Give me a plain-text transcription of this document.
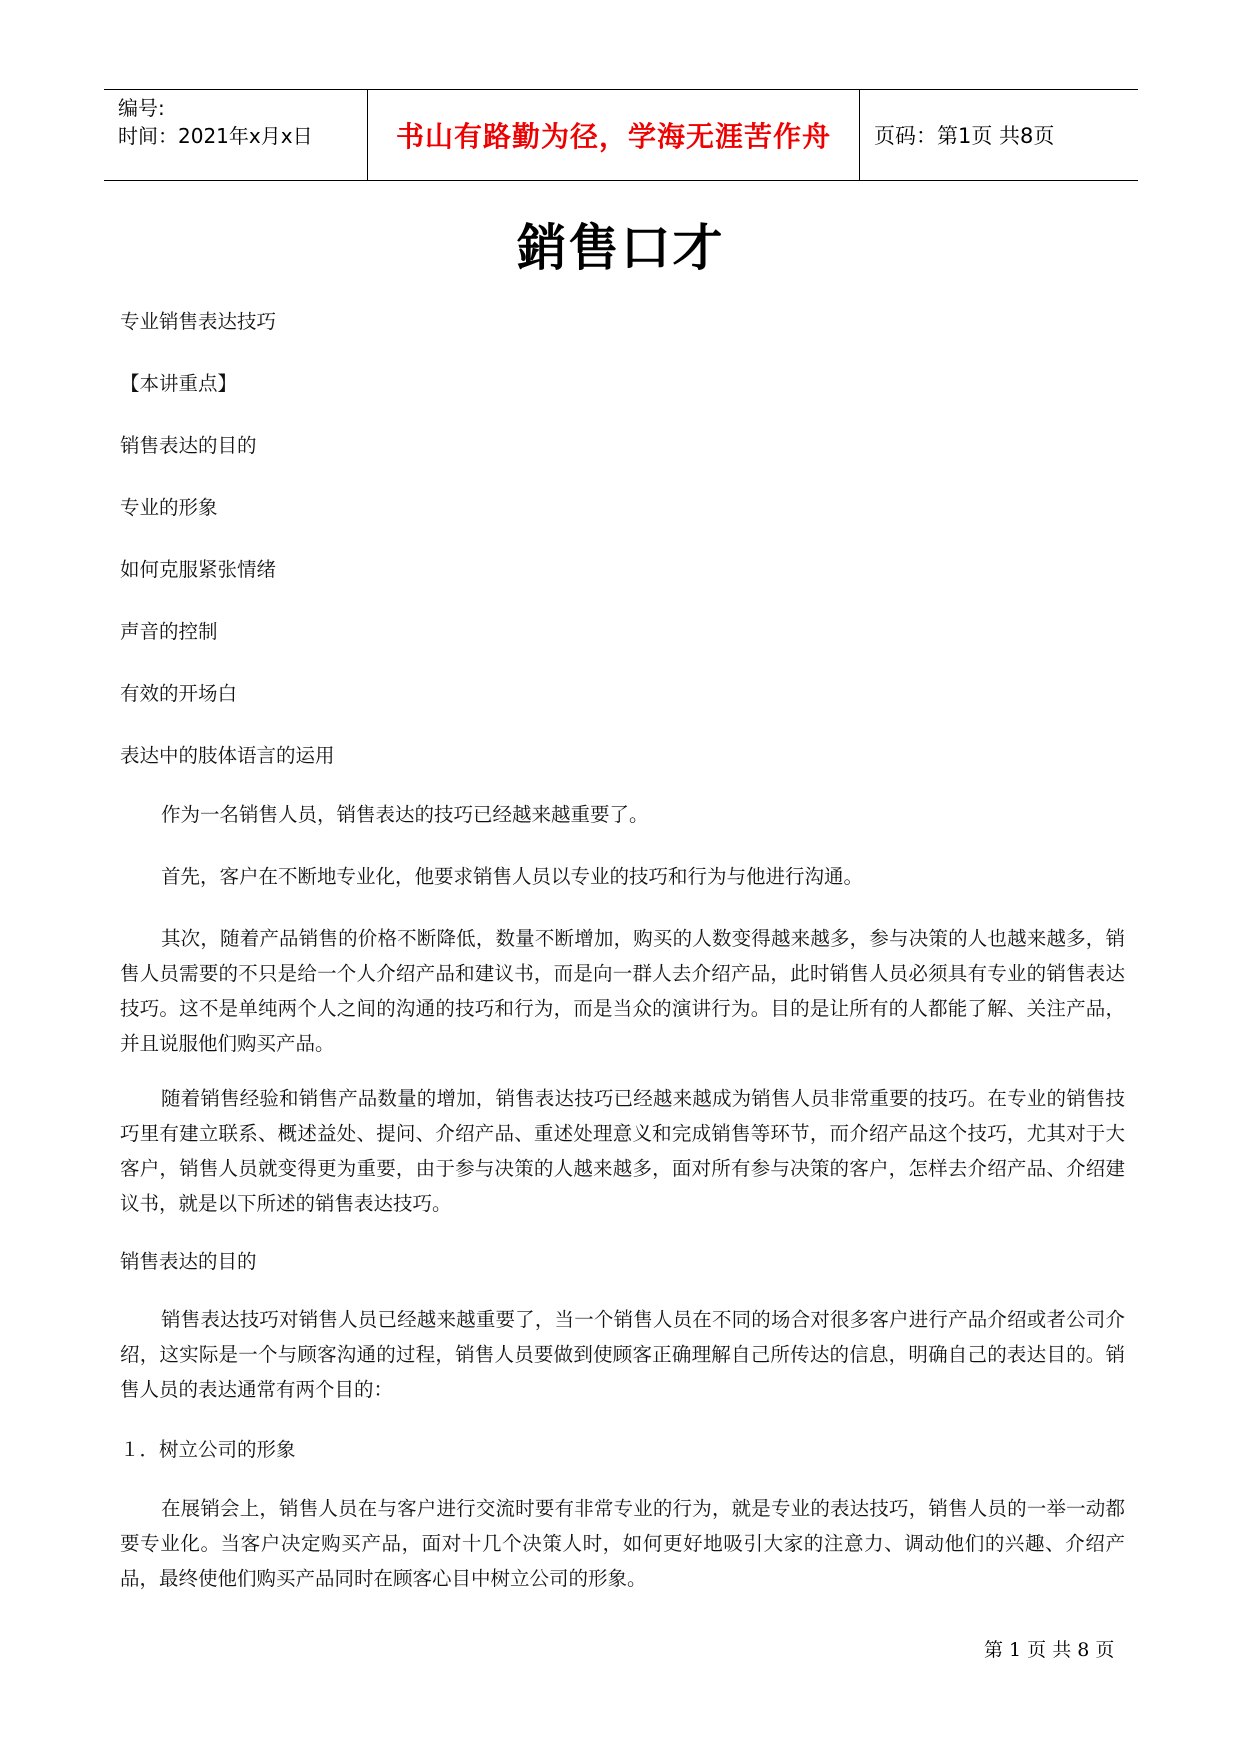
编号:
时间：2021年x月x日	书山有路勤为径，学海无涯苦作舟 页码：第1页 共8页
銷售口才
专业销售表达技巧
【本讲重点】
销售表达的目的
专业的形象
如何克服紧张情绪
声音的控制
有效的开场白
表达中的肢体语言的运用
作为一名销售人员，销售表达的技巧已经越来越重要了。
首先，客户在不断地专业化，他要求销售人员以专业的技巧和行为与他进行沟通。
其次，随着产品销售的价格不断降低，数量不断增加，购买的人数变得越来越多，参与决策的人也越来越多，销售人员需要的不只是给一个人介绍产品和建议书，而是向一群人去介绍产品，此时销售人员必须具有专业的销售表达技巧。这不是单纯两个人之间的沟通的技巧和行为，而是当众的演讲行为。目的是让所有的人都能了解、关注产品，并且说服他们购买产品。
随着销售经验和销售产品数量的增加，销售表达技巧已经越来越成为销售人员非常重要的技巧。在专业的销售技巧里有建立联系、概述益处、提问、介绍产品、重述处理意义和完成销售等环节，而介绍产品这个技巧，尤其对于大客户，销售人员就变得更为重要，由于参与决策的人越来越多，面对所有参与决策的客户，怎样去介绍产品、介绍建议书，就是以下所述的销售表达技巧。
销售表达的目的
销售表达技巧对销售人员已经越来越重要了，当一个销售人员在不同的场合对很多客户进行产品介绍或者公司介绍，这实际是一个与顾客沟通的过程，销售人员要做到使顾客正确理解自己所传达的信息，明确自己的表达目的。销售人员的表达通常有两个目的：
１．树立公司的形象
在展销会上，销售人员在与客户进行交流时要有非常专业的行为，就是专业的表达技巧，销售人员的一举一动都要专业化。当客户决定购买产品，面对十几个决策人时，如何更好地吸引大家的注意力、调动他们的兴趣、介绍产品，最终使他们购买产品同时在顾客心目中树立公司的形象。
第 1 页 共 8 页
